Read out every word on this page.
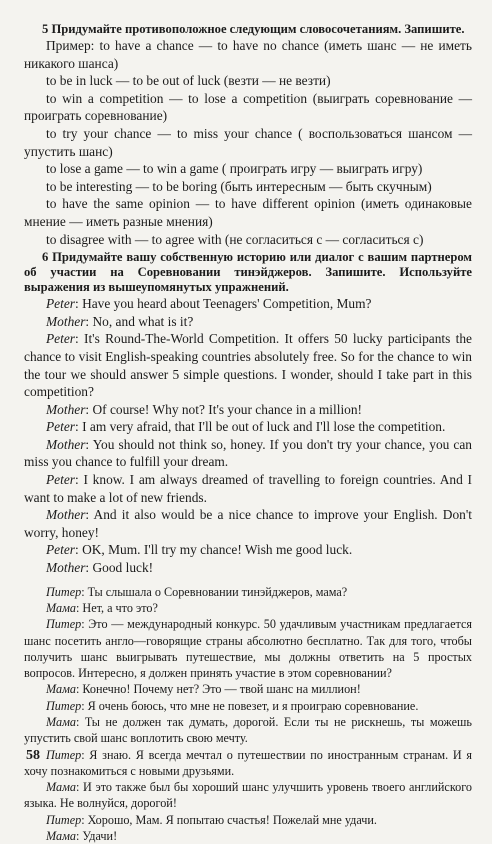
5 Придумайте противоположное следующим словосочетаниям. Запишите.
Пример: to have a chance — to have no chance (иметь шанс — не иметь никакого шанса)
to be in luck — to be out of luck (везти — не везти)
to win a competition — to lose a competition (выиграть соревнование — проиграть соревнование)
to try your chance — to miss your chance ( воспользоваться шансом — упустить шанс)
to lose a game — to win a game ( проиграть игру — выиграть игру)
to be interesting — to be boring (быть интересным — быть скучным)
to have the same opinion — to have different opinion (иметь одинаковые мнение — иметь разные мнения)
to disagree with — to agree with (не согласиться с — согласиться с)
6 Придумайте вашу собственную историю или диалог с вашим партнером об участии на Соревновании тинэйджеров. Запишите. Используйте выражения из вышеупомянутых упражнений.
Peter: Have you heard about Teenagers' Competition, Mum?
Mother: No, and what is it?
Peter: It's Round-The-World Competition. It offers 50 lucky participants the chance to visit English-speaking countries absolutely free. So for the chance to win the tour we should answer 5 simple questions. I wonder, should I take part in this competition?
Mother: Of course! Why not? It's your chance in a million!
Peter: I am very afraid, that I'll be out of luck and I'll lose the competition.
Mother: You should not think so, honey. If you don't try your chance, you can miss you chance to fulfill your dream.
Peter: I know. I am always dreamed of travelling to foreign countries. And I want to make a lot of new friends.
Mother: And it also would be a nice chance to improve your English. Don't worry, honey!
Peter: OK, Mum. I'll try my chance! Wish me good luck.
Mother: Good luck!
Питер: Ты слышала о Соревновании тинэйджеров, мама?
Мама: Нет, а что это?
Питер: Это — международный конкурс. 50 удачливым участникам предлагается шанс посетить англо—говорящие страны абсолютно бесплатно. Так для того, чтобы получить шанс выигрывать путешествие, мы должны ответить на 5 простых вопросов. Интересно, я должен принять участие в этом соревновании?
Мама: Конечно! Почему нет? Это — твой шанс на миллион!
Питер: Я очень боюсь, что мне не повезет, и я проиграю соревнование.
Мама: Ты не должен так думать, дорогой. Если ты не рискнешь, ты можешь упустить свой шанс воплотить свою мечту.
Питер: Я знаю. Я всегда мечтал о путешествии по иностранным странам. И я хочу познакомиться с новыми друзьями.
Мама: И это также был бы хороший шанс улучшить уровень твоего английского языка. Не волнуйся, дорогой!
Питер: Хорошо, Мам. Я попытаю счастья! Пожелай мне удачи.
Мама: Удачи!
58
